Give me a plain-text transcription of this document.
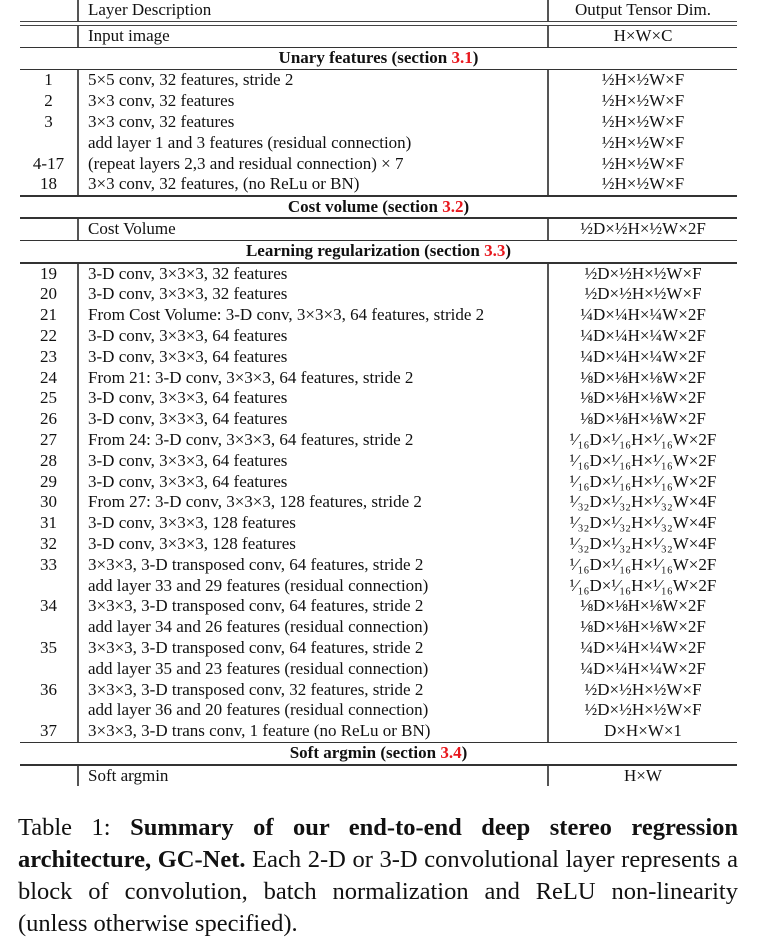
Layer Description	Output Tensor Dim.
Input image	H×W×C
Unary features (section 3.1)
1	5×5 conv, 32 features, stride 2	½H×½W×F
2	3×3 conv, 32 features	½H×½W×F
3	3×3 conv, 32 features	½H×½W×F
add layer 1 and 3 features (residual connection)	½H×½W×F
4-17	(repeat layers 2,3 and residual connection) × 7	½H×½W×F
18	3×3 conv, 32 features, (no ReLu or BN)	½H×½W×F
Cost volume (section 3.2)
Cost Volume	½D×½H×½W×2F
Learning regularization (section 3.3)
19	3-D conv, 3×3×3, 32 features	½D×½H×½W×F
20	3-D conv, 3×3×3, 32 features	½D×½H×½W×F
21	From Cost Volume: 3-D conv, 3×3×3, 64 features, stride 2	¼D×¼H×¼W×2F
22	3-D conv, 3×3×3, 64 features	¼D×¼H×¼W×2F
23	3-D conv, 3×3×3, 64 features	¼D×¼H×¼W×2F
24	From 21: 3-D conv, 3×3×3, 64 features, stride 2	⅛D×⅛H×⅛W×2F
25	3-D conv, 3×3×3, 64 features	⅛D×⅛H×⅛W×2F
26	3-D conv, 3×3×3, 64 features	⅛D×⅛H×⅛W×2F
27	From 24: 3-D conv, 3×3×3, 64 features, stride 2	¹⁄₁₆D×¹⁄₁₆H×¹⁄₁₆W×2F
28	3-D conv, 3×3×3, 64 features	¹⁄₁₆D×¹⁄₁₆H×¹⁄₁₆W×2F
29	3-D conv, 3×3×3, 64 features	¹⁄₁₆D×¹⁄₁₆H×¹⁄₁₆W×2F
30	From 27: 3-D conv, 3×3×3, 128 features, stride 2	¹⁄₃₂D×¹⁄₃₂H×¹⁄₃₂W×4F
31	3-D conv, 3×3×3, 128 features	¹⁄₃₂D×¹⁄₃₂H×¹⁄₃₂W×4F
32	3-D conv, 3×3×3, 128 features	¹⁄₃₂D×¹⁄₃₂H×¹⁄₃₂W×4F
33	3×3×3, 3-D transposed conv, 64 features, stride 2	¹⁄₁₆D×¹⁄₁₆H×¹⁄₁₆W×2F
add layer 33 and 29 features (residual connection)	¹⁄₁₆D×¹⁄₁₆H×¹⁄₁₆W×2F
34	3×3×3, 3-D transposed conv, 64 features, stride 2	⅛D×⅛H×⅛W×2F
add layer 34 and 26 features (residual connection)	⅛D×⅛H×⅛W×2F
35	3×3×3, 3-D transposed conv, 64 features, stride 2	¼D×¼H×¼W×2F
add layer 35 and 23 features (residual connection)	¼D×¼H×¼W×2F
36	3×3×3, 3-D transposed conv, 32 features, stride 2	½D×½H×½W×F
add layer 36 and 20 features (residual connection)	½D×½H×½W×F
37	3×3×3, 3-D trans conv, 1 feature (no ReLu or BN)	D×H×W×1
Soft argmin (section 3.4)
Soft argmin	H×W
Table 1: Summary of our end-to-end deep stereo regression architecture, GC-Net. Each 2-D or 3-D convolutional layer represents a block of convolution, batch normalization and ReLU non-linearity (unless otherwise specified).
